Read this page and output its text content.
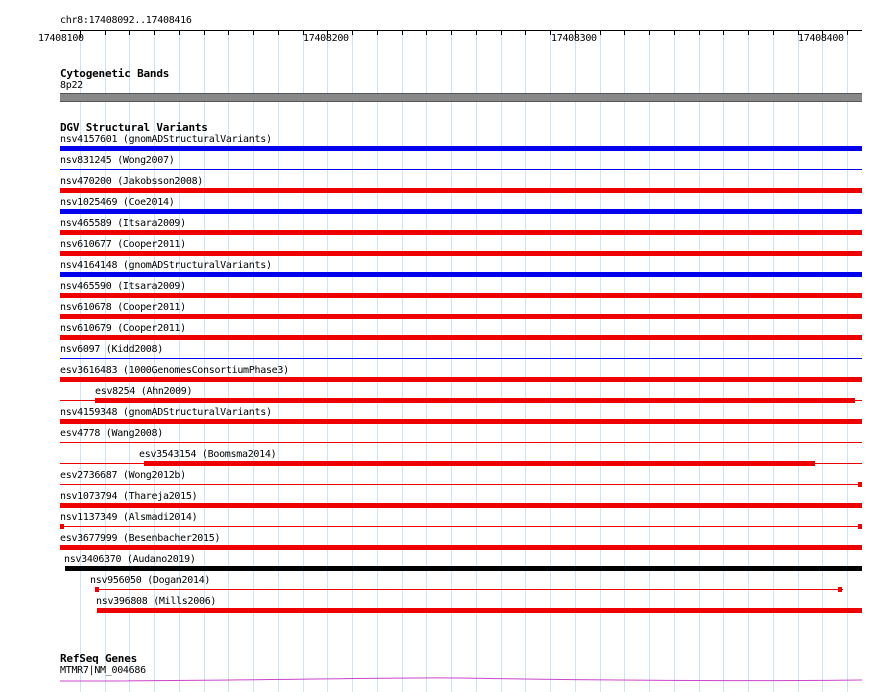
chr8:17408092..17408416
17408100	17408200	17408300	17408400
Cytogenetic Bands
8p22
DGV Structural Variants
nsv4157601 (gnomADStructuralVariants)
nsv831245 (Wong2007)
nsv470200 (Jakobsson2008)
nsv1025469 (Coe2014)
nsv465589 (Itsara2009)
nsv610677 (Cooper2011)
nsv4164148 (gnomADStructuralVariants)
nsv465590 (Itsara2009)
nsv610678 (Cooper2011)
nsv610679 (Cooper2011)
nsv6097 (Kidd2008)
esv3616483 (1000GenomesConsortiumPhase3)
esv8254 (Ahn2009)
nsv4159348 (gnomADStructuralVariants)
esv4778 (Wang2008)
esv3543154 (Boomsma2014)
esv2736687 (Wong2012b)
nsv1073794 (Thareja2015)
nsv1137349 (Alsmadi2014)
esv3677999 (Besenbacher2015)
nsv3406370 (Audano2019)
nsv956050 (Dogan2014)
nsv396808 (Mills2006)
RefSeq Genes
MTMR7|NM_004686
